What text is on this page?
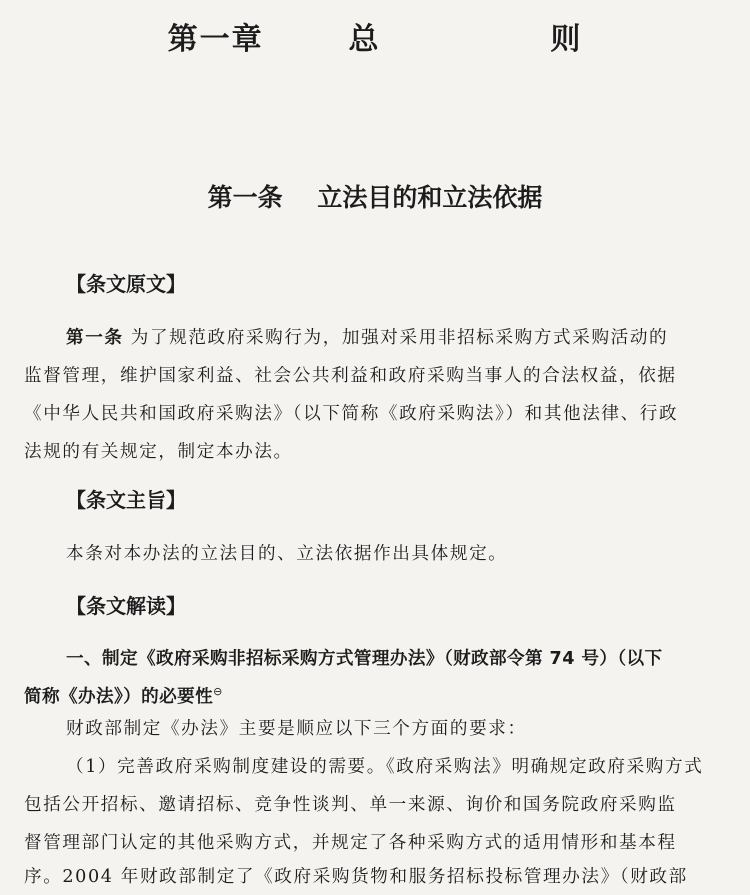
第一章  总    则
第一条    立法目的和立法依据
【条文原文】
第一条 为了规范政府采购行为，加强对采用非招标采购方式采购活动的
监督管理，维护国家利益、社会公共利益和政府采购当事人的合法权益，依据
《中华人民共和国政府采购法》（以下简称《政府采购法》）和其他法律、行政
法规的有关规定，制定本办法。
【条文主旨】
本条对本办法的立法目的、立法依据作出具体规定。
【条文解读】
一、制定《政府采购非招标采购方式管理办法》（财政部令第 74 号）（以下
简称《办法》）的必要性⊖
财政部制定《办法》主要是顺应以下三个方面的要求：
（1）完善政府采购制度建设的需要。《政府采购法》明确规定政府采购方式
包括公开招标、邀请招标、竞争性谈判、单一来源、询价和国务院政府采购监
督管理部门认定的其他采购方式，并规定了各种采购方式的适用情形和基本程
序。2004 年财政部制定了《政府采购货物和服务招标投标管理办法》（财政部
